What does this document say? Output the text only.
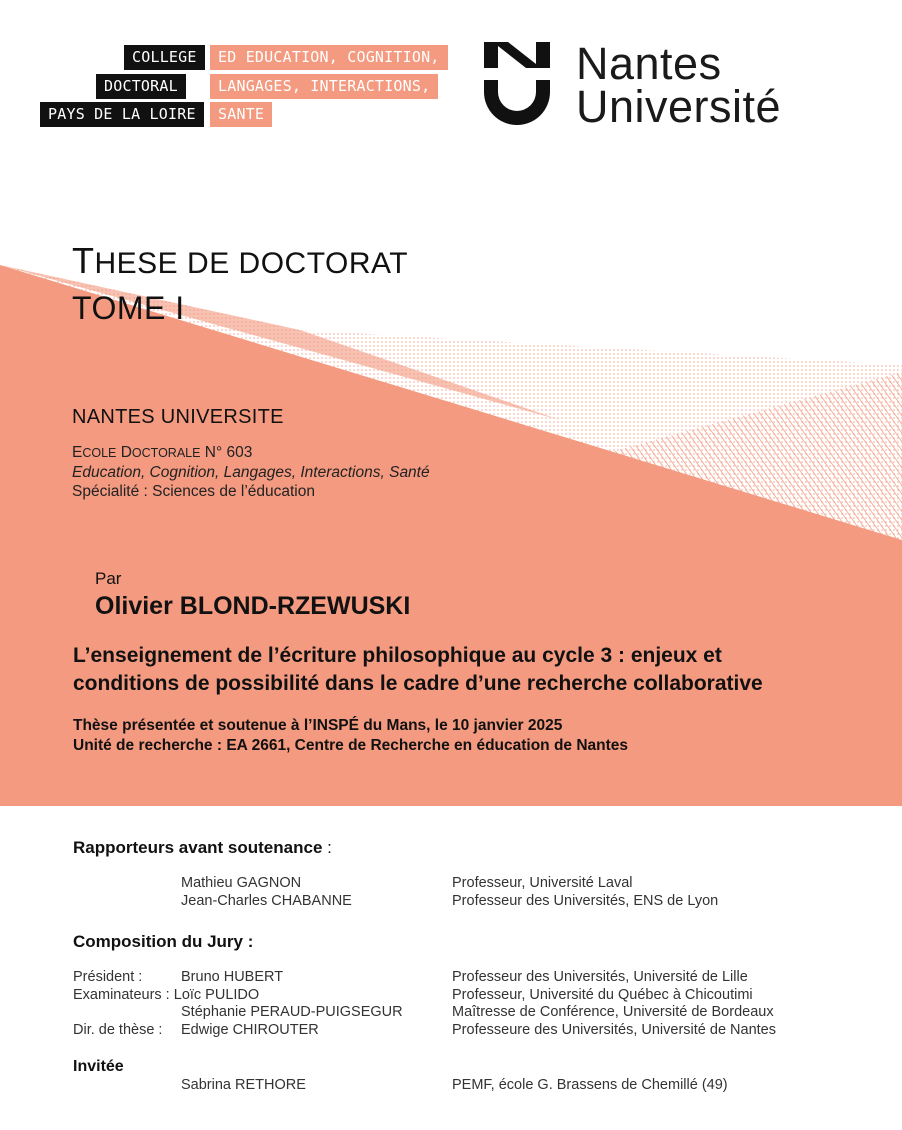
COLLEGE
DOCTORAL
PAYS DE LA LOIRE
ED EDUCATION, COGNITION,
LANGAGES, INTERACTIONS,
SANTE
Nantes
Université
THESE DE DOCTORAT
TOME I
NANTES UNIVERSITE
ECOLE DOCTORALE N° 603
Education, Cognition, Langages, Interactions, Santé
Spécialité : Sciences de l’éducation
Par
Olivier BLOND-RZEWUSKI
L’enseignement de l’écriture philosophique au cycle 3 : enjeux et
conditions de possibilité dans le cadre d’une recherche collaborative
Thèse présentée et soutenue à l’INSPÉ du Mans, le 10 janvier 2025
Unité de recherche : EA 2661, Centre de Recherche en éducation de Nantes
Rapporteurs avant soutenance :
Mathieu GAGNON	Professeur, Université Laval
Jean-Charles CHABANNE	Professeur des Universités, ENS de Lyon
Composition du Jury :
Président :	Bruno HUBERT	Professeur des Universités, Université de Lille
Examinateurs : Loïc PULIDO	Professeur, Université du Québec à Chicoutimi
Stéphanie PERAUD-PUIGSEGUR	Maîtresse de Conférence, Université de Bordeaux
Dir. de thèse : Edwige CHIROUTER	Professeure des Universités, Université de Nantes
Invitée
Sabrina RETHORE	PEMF, école G. Brassens de Chemillé (49)
